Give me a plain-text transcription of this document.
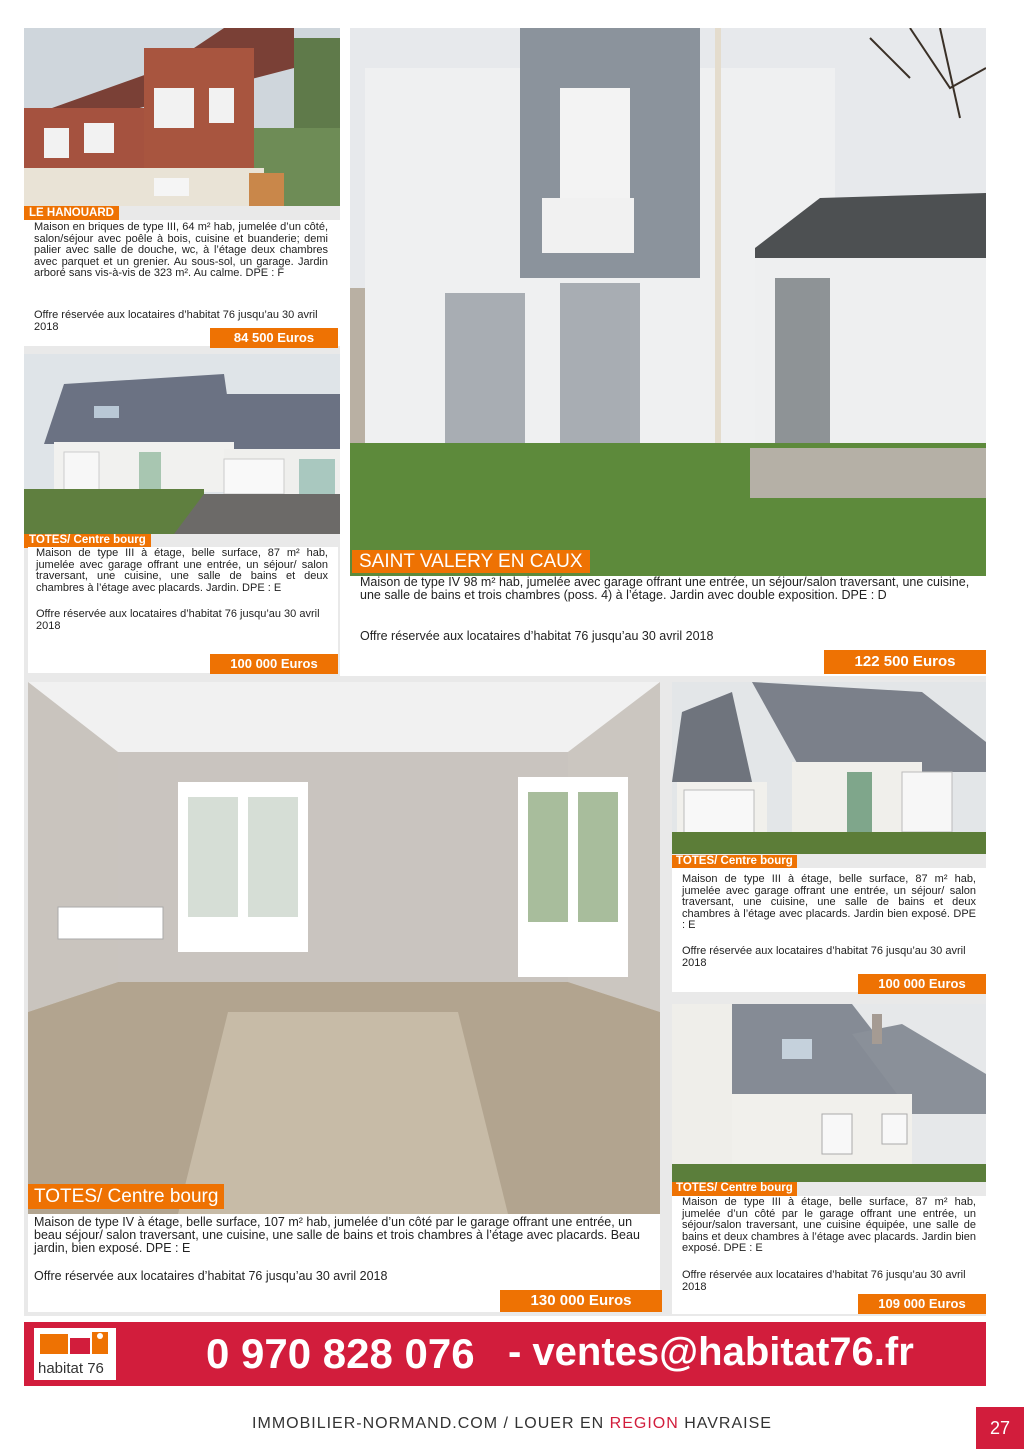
LE HANOUARD
Maison en briques de type III, 64 m² hab, jumelée d’un côté, salon/séjour avec poêle à bois, cuisine et buanderie; demi palier avec salle de douche, wc, à l’étage deux chambres avec parquet et un grenier. Au sous-sol, un garage. Jardin arboré sans vis-à-vis de 323 m². Au calme. DPE : F
Offre réservée aux locataires d’habitat 76 jusqu’au 30 avril 2018
84 500 Euros
TOTES/ Centre bourg
Maison de type III à étage, belle surface, 87 m² hab, jumelée avec garage offrant une entrée, un séjour/ salon traversant, une cuisine, une salle de bains et deux chambres à l’étage avec placards. Jardin. DPE : E
Offre réservée aux locataires d’habitat 76 jusqu’au 30 avril 2018
100 000 Euros
SAINT VALERY EN CAUX
Maison de type IV 98 m² hab, jumelée avec garage offrant une entrée, un séjour/salon traversant, une cuisine, une salle de bains et trois chambres (poss. 4) à l’étage. Jardin avec double exposition. DPE : D
Offre réservée aux locataires d’habitat 76 jusqu’au 30 avril 2018
122 500 Euros
TOTES/ Centre bourg
Maison de type IV à étage, belle surface, 107 m² hab, jumelée d’un côté par le garage offrant une entrée, un beau séjour/ salon traversant, une cuisine, une salle de bains et trois chambres à l’étage avec placards. Beau jardin, bien exposé. DPE : E
Offre réservée aux locataires d’habitat 76 jusqu’au 30 avril 2018
130 000 Euros
TOTES/ Centre bourg
Maison de type III à étage, belle surface, 87 m² hab, jumelée avec garage offrant une entrée, un séjour/ salon traversant, une cuisine, une salle de bains et deux chambres à l’étage avec placards. Jardin bien exposé. DPE : E
Offre réservée aux locataires d’habitat 76 jusqu’au 30 avril 2018
100 000 Euros
TOTES/ Centre bourg
Maison de type III à étage, belle surface, 87 m² hab, jumelée d’un côté par le garage offrant une entrée, un séjour/salon traversant, une cuisine équipée, une salle de bains et deux chambres à l’étage avec placards. Jardin bien exposé. DPE : E
Offre réservée aux locataires d’habitat 76 jusqu’au 30 avril 2018
109 000 Euros
habitat 76 0 970 828 076 - ventes@habitat76.fr
IMMOBILIER-NORMAND.COM / LOUER EN REGION HAVRAISE	27
